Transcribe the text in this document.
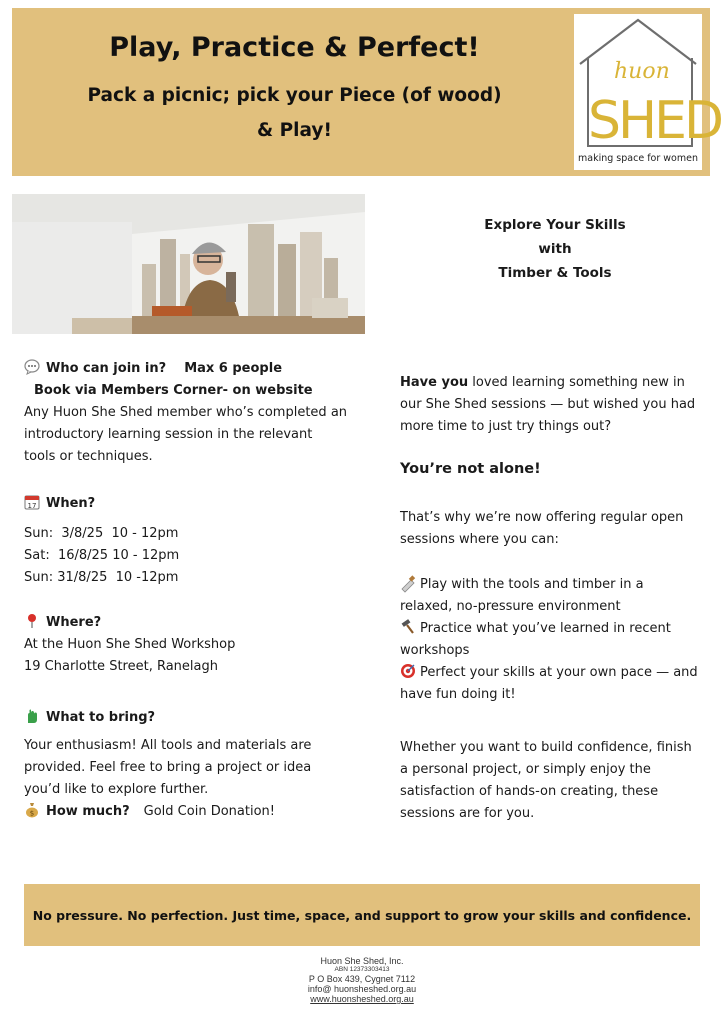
Play, Practice & Perfect!
Pack a picnic; pick your Piece (of wood)
& Play!
huon
SHED
making space for women
Explore Your Skills
with
Timber & Tools
Who can join in? Max 6 people
Book via Members Corner- on website
Any Huon She Shed member who’s completed an
introductory learning session in the relevant
tools or techniques.
17 When?
Sun:  3/8/25  10 - 12pm
Sat:  16/8/25 10 - 12pm
Sun: 31/8/25  10 -12pm
Where?
At the Huon She Shed Workshop
19 Charlotte Street, Ranelagh
What to bring?
Your enthusiasm! All tools and materials are
provided. Feel free to bring a project or idea
you’d like to explore further.
$ How much? Gold Coin Donation!
Have you loved learning something new in
our She Shed sessions — but wished you had
more time to just try things out?
You’re not alone!
That’s why we’re now offering regular open
sessions where you can:
Play with the tools and timber in a
relaxed, no-pressure environment
Practice what you’ve learned in recent
workshops
Perfect your skills at your own pace — and
have fun doing it!
Whether you want to build confidence, finish
a personal project, or simply enjoy the
satisfaction of hands-on creating, these
sessions are for you.
No pressure. No perfection. Just time, space, and support to grow your skills and confidence.
Huon She Shed, Inc.
ABN 12373303413
P O Box 439, Cygnet 7112
info@ huonsheshed.org.au
www.huonsheshed.org.au
